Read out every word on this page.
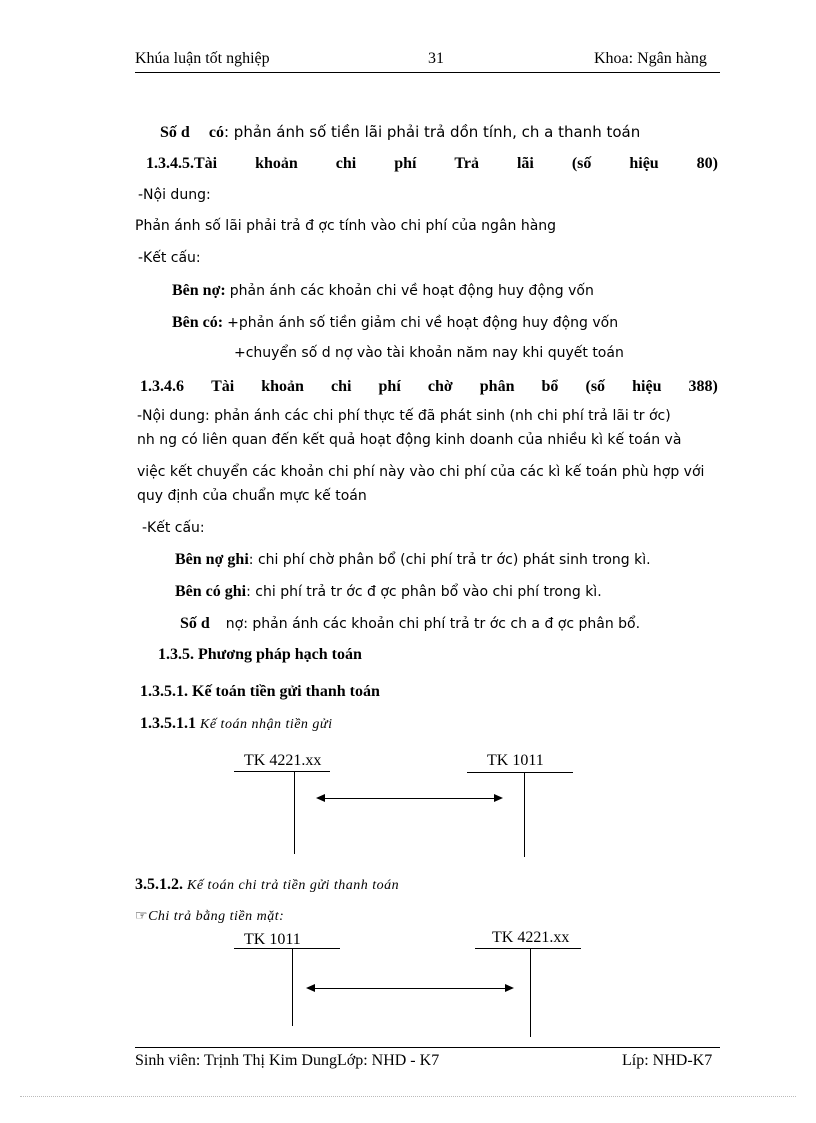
Khúa luận tốt nghiệp	31	Khoa: Ngân hàng
Số d có: phản ánh số tiền lãi phải trả dồn tính, ch a thanh toán
1.3.4.5.Tài khoản chi phí Trả lãi (số hiệu 80)
-Nội dung:
Phản ánh số lãi phải trả đ ợc tính vào chi phí của ngân hàng
-Kết cấu:
Bên nợ: phản ánh các khoản chi về hoạt động huy động vốn
Bên có: +phản ánh số tiền giảm chi về hoạt động huy động vốn
+chuyển số d nợ vào tài khoản năm nay khi quyết toán
1.3.4.6 Tài khoản chi phí chờ phân bổ (số hiệu 388)
-Nội dung: phản ánh các chi phí thực tế đã phát sinh (nh chi phí trả lãi tr ớc)
nh ng có liên quan đến kết quả hoạt động kinh doanh của nhiều kì kế toán và
việc kết chuyển các khoản chi phí này vào chi phí của các kì kế toán phù hợp với
quy định của chuẩn mực kế toán
-Kết cấu:
Bên nợ ghi: chi phí chờ phân bổ (chi phí trả tr ớc) phát sinh trong kì.
Bên có ghi: chi phí trả tr ớc đ ợc phân bổ vào chi phí trong kì.
Số d nợ: phản ánh các khoản chi phí trả tr ớc ch a đ ợc phân bổ.
1.3.5. Phương pháp hạch toán
1.3.5.1. Kế toán tiền gửi thanh toán
1.3.5.1.1 Kế toán nhận tiền gửi
TK 4221.xx	TK 1011
3.5.1.2. Kế toán chi trả tiền gửi thanh toán
☞Chi trả bằng tiền mặt:
TK 1011	TK 4221.xx
Sinh viên: Trịnh Thị Kim DungLớp: NHD - K7	Líp: NHD-K7
